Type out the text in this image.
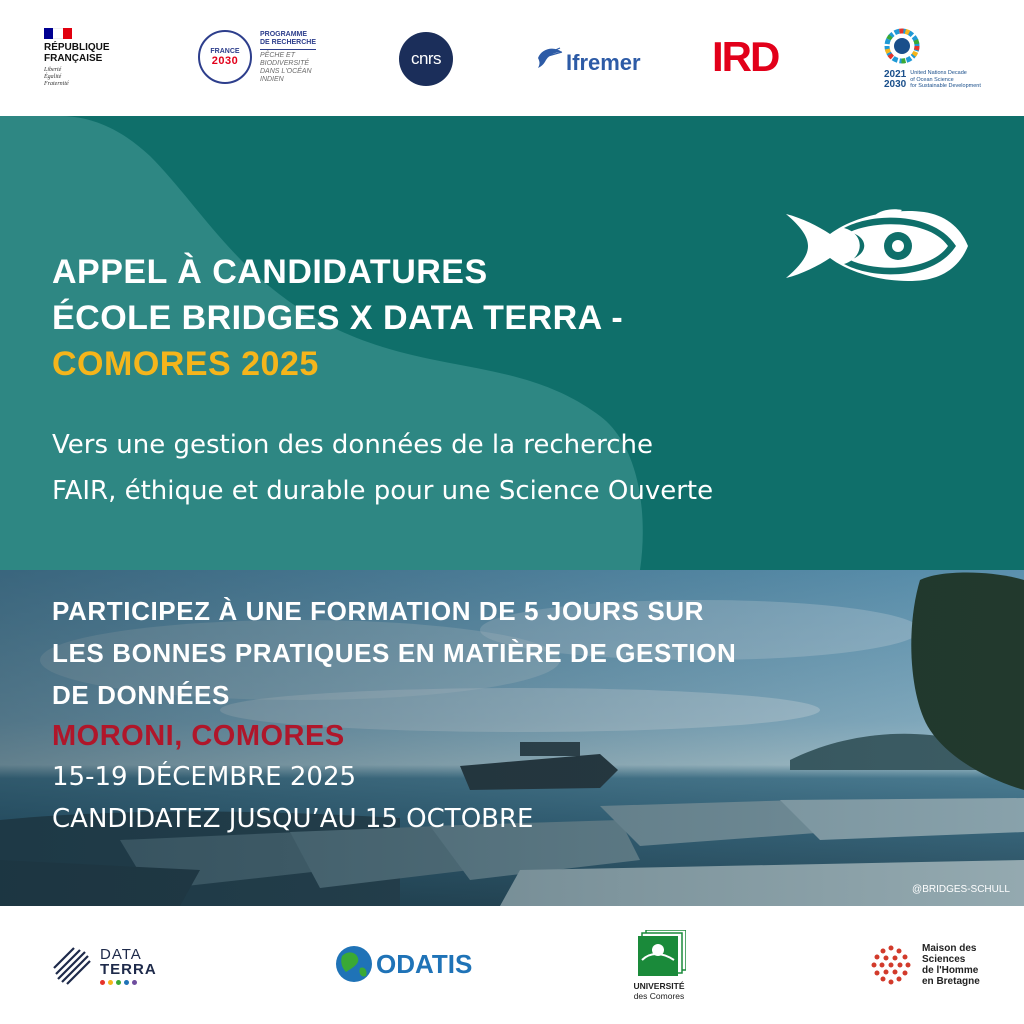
RÉPUBLIQUE
FRANÇAISE
Liberté
Égalité
Fraternité
FRANCE
2030
PROGRAMME
DE RECHERCHE
PÊCHE ET
BIODIVERSITÉ
DANS L'OCÉAN
INDIEN
cnrs	Ifremer IRD	2021
2030
United Nations Decade
of Ocean Science
for Sustainable Development
APPEL À CANDIDATURES
ÉCOLE BRIDGES X DATA TERRA -
COMORES 2025
Vers une gestion des données de la recherche
FAIR, éthique et durable pour une Science Ouverte
PARTICIPEZ À UNE FORMATION DE 5 JOURS SUR
LES BONNES PRATIQUES EN MATIÈRE DE GESTION
DE DONNÉES
MORONI, COMORES
15-19 DÉCEMBRE 2025
CANDIDATEZ JUSQU’AU 15 OCTOBRE
@BRIDGES-SCHULL
DATA
TERRA	ODATIS
UNIVERSITÉ
des Comores
Maison des
Sciences
de l'Homme
en Bretagne
